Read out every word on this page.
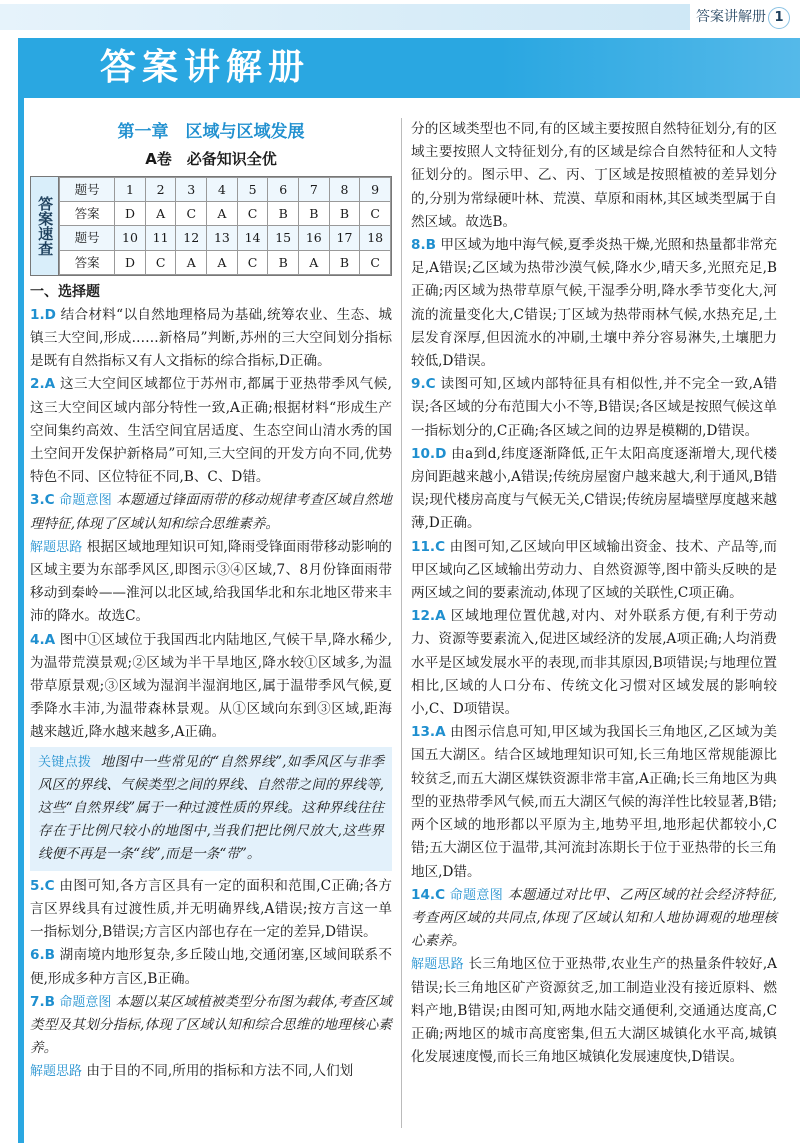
答案讲解册 1
答案讲解册
第一章　区域与区域发展
A卷　必备知识全优
答案速查
题号	1	2	3	4	5	6	7	8	9
答案	D	A	C	A	C	B	B	B	C
题号	10	11	12	13	14	15	16	17	18
答案	D	C	A	A	C	B	A	B	C
一、选择题

1.D 结合材料“以自然地理格局为基础,统筹农业、生态、城镇三大空间,形成……新格局”判断,苏州的三大空间划分指标是既有自然指标又有人文指标的综合指标,D正确。

2.A 这三大空间区域都位于苏州市,都属于亚热带季风气候,这三大空间区域内部分特性一致,A正确;根据材料“形成生产空间集约高效、生活空间宜居适度、生态空间山清水秀的国土空间开发保护新格局”可知,三大空间的开发方向不同,优势特色不同、区位特征不同,B、C、D错。

3.C 命题意图 本题通过锋面雨带的移动规律考查区域自然地理特征,体现了区域认知和综合思维素养。

解题思路 根据区域地理知识可知,降雨受锋面雨带移动影响的区域主要为东部季风区,即图示③④区域,7、8月份锋面雨带移动到秦岭——淮河以北区域,给我国华北和东北地区带来丰沛的降水。故选C。

4.A 图中①区域位于我国西北内陆地区,气候干旱,降水稀少,为温带荒漠景观;②区域为半干旱地区,降水较①区域多,为温带草原景观;③区域为湿润半湿润地区,属于温带季风气候,夏季降水丰沛,为温带森林景观。从①区域向东到③区域,距海越来越近,降水越来越多,A正确。

关键点拨 地图中一些常见的“自然界线”,如季风区与非季风区的界线、气候类型之间的界线、自然带之间的界线等,这些“自然界线”属于一种过渡性质的界线。这种界线往往存在于比例尺较小的地图中,当我们把比例尺放大,这些界线便不再是一条“线”,而是一条“带”。

5.C 由图可知,各方言区具有一定的面积和范围,C正确;各方言区界线具有过渡性质,并无明确界线,A错误;按方言这一单一指标划分,B错误;方言区内部也存在一定的差异,D错误。

6.B 湖南境内地形复杂,多丘陵山地,交通闭塞,区域间联系不便,形成多种方言区,B正确。

7.B 命题意图 本题以某区域植被类型分布图为载体,考查区域类型及其划分指标,体现了区域认知和综合思维的地理核心素养。

解题思路 由于目的不同,所用的指标和方法不同,人们划

分的区域类型也不同,有的区域主要按照自然特征划分,有的区域主要按照人文特征划分,有的区域是综合自然特征和人文特征划分的。图示甲、乙、丙、丁区域是按照植被的差异划分的,分别为常绿硬叶林、荒漠、草原和雨林,其区域类型属于自然区域。故选B。

8.B 甲区域为地中海气候,夏季炎热干燥,光照和热量都非常充足,A错误;乙区域为热带沙漠气候,降水少,晴天多,光照充足,B正确;丙区域为热带草原气候,干湿季分明,降水季节变化大,河流的流量变化大,C错误;丁区域为热带雨林气候,水热充足,土层发育深厚,但因流水的冲刷,土壤中养分容易淋失,土壤肥力较低,D错误。

9.C 读图可知,区域内部特征具有相似性,并不完全一致,A错误;各区域的分布范围大小不等,B错误;各区域是按照气候这单一指标划分的,C正确;各区域之间的边界是模糊的,D错误。

10.D 由a到d,纬度逐渐降低,正午太阳高度逐渐增大,现代楼房间距越来越小,A错误;传统房屋窗户越来越大,利于通风,B错误;现代楼房高度与气候无关,C错误;传统房屋墙壁厚度越来越薄,D正确。

11.C 由图可知,乙区域向甲区域输出资金、技术、产品等,而甲区域向乙区域输出劳动力、自然资源等,图中箭头反映的是两区域之间的要素流动,体现了区域的关联性,C项正确。

12.A 区域地理位置优越,对内、对外联系方便,有利于劳动力、资源等要素流入,促进区域经济的发展,A项正确;人均消费水平是区域发展水平的表现,而非其原因,B项错误;与地理位置相比,区域的人口分布、传统文化习惯对区域发展的影响较小,C、D项错误。

13.A 由图示信息可知,甲区域为我国长三角地区,乙区域为美国五大湖区。结合区域地理知识可知,长三角地区常规能源比较贫乏,而五大湖区煤铁资源非常丰富,A正确;长三角地区为典型的亚热带季风气候,而五大湖区气候的海洋性比较显著,B错;两个区域的地形都以平原为主,地势平坦,地形起伏都较小,C错;五大湖区位于温带,其河流封冻期长于位于亚热带的长三角地区,D错。

14.C 命题意图 本题通过对比甲、乙两区域的社会经济特征,考查两区域的共同点,体现了区域认知和人地协调观的地理核心素养。

解题思路 长三角地区位于亚热带,农业生产的热量条件较好,A错误;长三角地区矿产资源贫乏,加工制造业没有接近原料、燃料产地,B错误;由图可知,两地水陆交通便利,交通通达度高,C正确;两地区的城市高度密集,但五大湖区城镇化水平高,城镇化发展速度慢,而长三角地区城镇化发展速度快,D错误。
